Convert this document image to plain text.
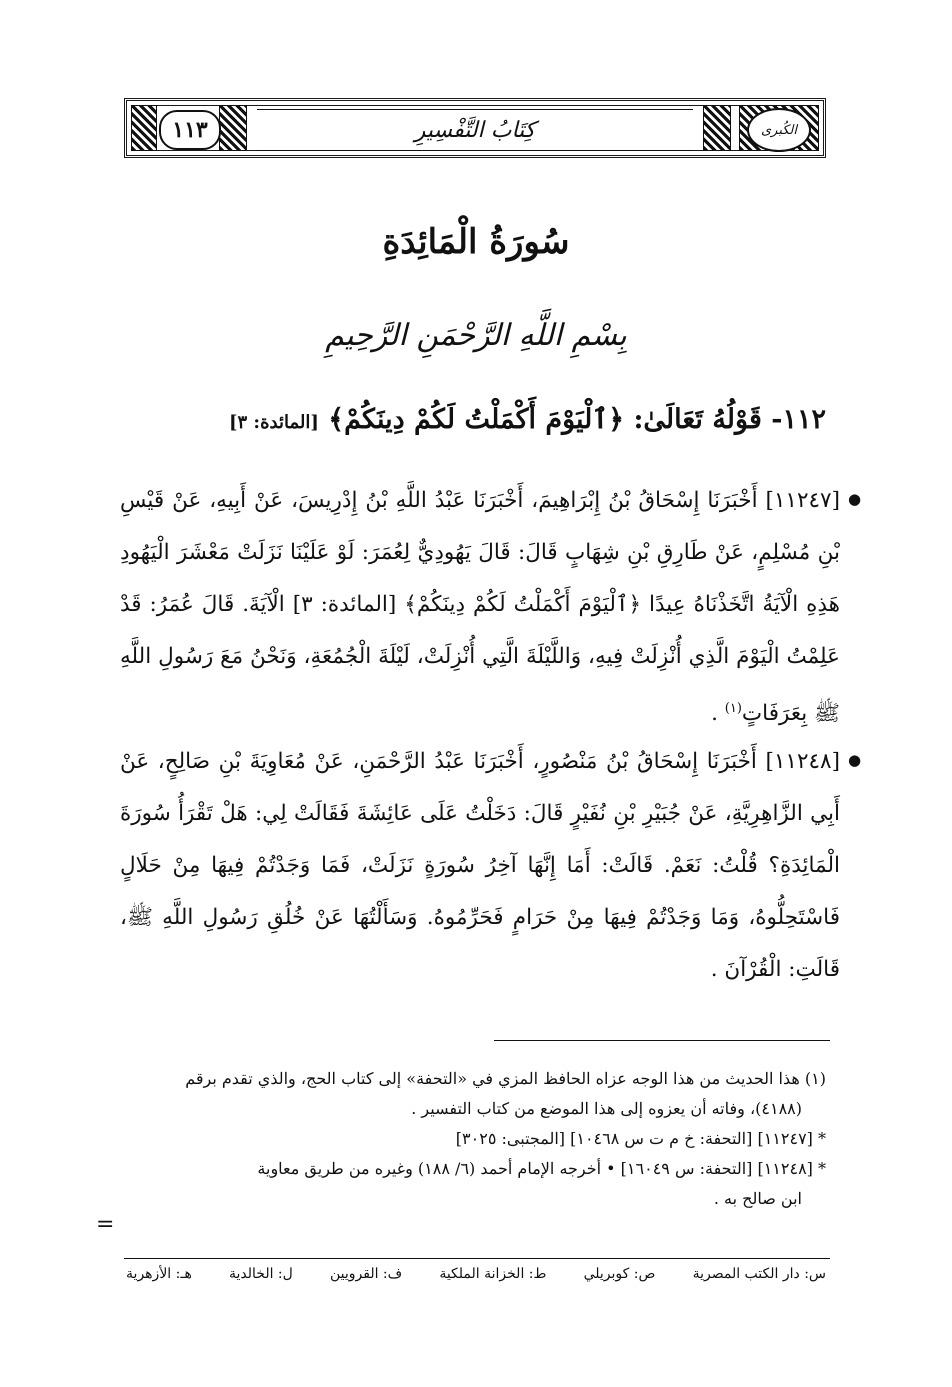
الكُبرى
كِتَابُ التَّفْسِيرِ
١١٣
سُورَةُ الْمَائِدَةِ
بِسْمِ اللَّهِ الرَّحْمَنِ الرَّحِيمِ
١١٢- قَوْلُهُ تَعَالَىٰ: ﴿ٱلْيَوْمَ أَكْمَلْتُ لَكُمْ دِينَكُمْ﴾ [المائدة: ٣]
●
[١١٢٤٧] أَخْبَرَنَا إِسْحَاقُ بْنُ إِبْرَاهِيمَ، أَخْبَرَنَا عَبْدُ اللَّهِ بْنُ إِدْرِيسَ، عَنْ أَبِيهِ، عَنْ قَيْسِ بْنِ مُسْلِمٍ، عَنْ طَارِقِ بْنِ شِهَابٍ قَالَ: قَالَ يَهُودِيٌّ لِعُمَرَ: لَوْ عَلَيْنَا نَزَلَتْ مَعْشَرَ الْيَهُودِ هَذِهِ الْآيَةُ اتَّخَذْنَاهُ عِيدًا ﴿ٱلْيَوْمَ أَكْمَلْتُ لَكُمْ دِينَكُمْ﴾ [المائدة: ٣] الْآيَةَ. قَالَ عُمَرُ: قَدْ عَلِمْتُ الْيَوْمَ الَّذِي أُنْزِلَتْ فِيهِ، وَاللَّيْلَةَ الَّتِي أُنْزِلَتْ، لَيْلَةَ الْجُمُعَةِ، وَنَحْنُ مَعَ رَسُولِ اللَّهِ ﷺ بِعَرَفَاتٍ$^{(١)}$ .
●
[١١٢٤٨] أَخْبَرَنَا إِسْحَاقُ بْنُ مَنْصُورٍ، أَخْبَرَنَا عَبْدُ الرَّحْمَنِ، عَنْ مُعَاوِيَةَ بْنِ صَالِحٍ، عَنْ أَبِي الزَّاهِرِيَّةِ، عَنْ جُبَيْرِ بْنِ نُفَيْرٍ قَالَ: دَخَلْتُ عَلَى عَائِشَةَ فَقَالَتْ لِي: هَلْ تَقْرَأُ سُورَةَ الْمَائِدَةِ؟ قُلْتُ: نَعَمْ. قَالَتْ: أَمَا إِنَّهَا آخِرُ سُورَةٍ نَزَلَتْ، فَمَا وَجَدْتُمْ فِيهَا مِنْ حَلَالٍ فَاسْتَحِلُّوهُ، وَمَا وَجَدْتُمْ فِيهَا مِنْ حَرَامٍ فَحَرِّمُوهُ. وَسَأَلْتُهَا عَنْ خُلُقِ رَسُولِ اللَّهِ ﷺ، قَالَتِ: الْقُرْآنَ .
(١) هذا الحديث من هذا الوجه عزاه الحافظ المزي في «التحفة» إلى كتاب الحج، والذي تقدم برقم
(٤١٨٨)، وفاته أن يعزوه إلى هذا الموضع من كتاب التفسير .
* [١١٢٤٧] [التحفة: خ م ت س ١٠٤٦٨] [المجتبى: ٣٠٢٥]
* [١١٢٤٨] [التحفة: س ١٦٠٤٩] • أخرجه الإمام أحمد (٦/ ١٨٨) وغيره من طريق معاوية
ابن صالح به .
=
س: دار الكتب المصرية
ص: كوبريلي
ط: الخزانة الملكية
ف: القرويين
ل: الخالدية
هـ: الأزهرية
